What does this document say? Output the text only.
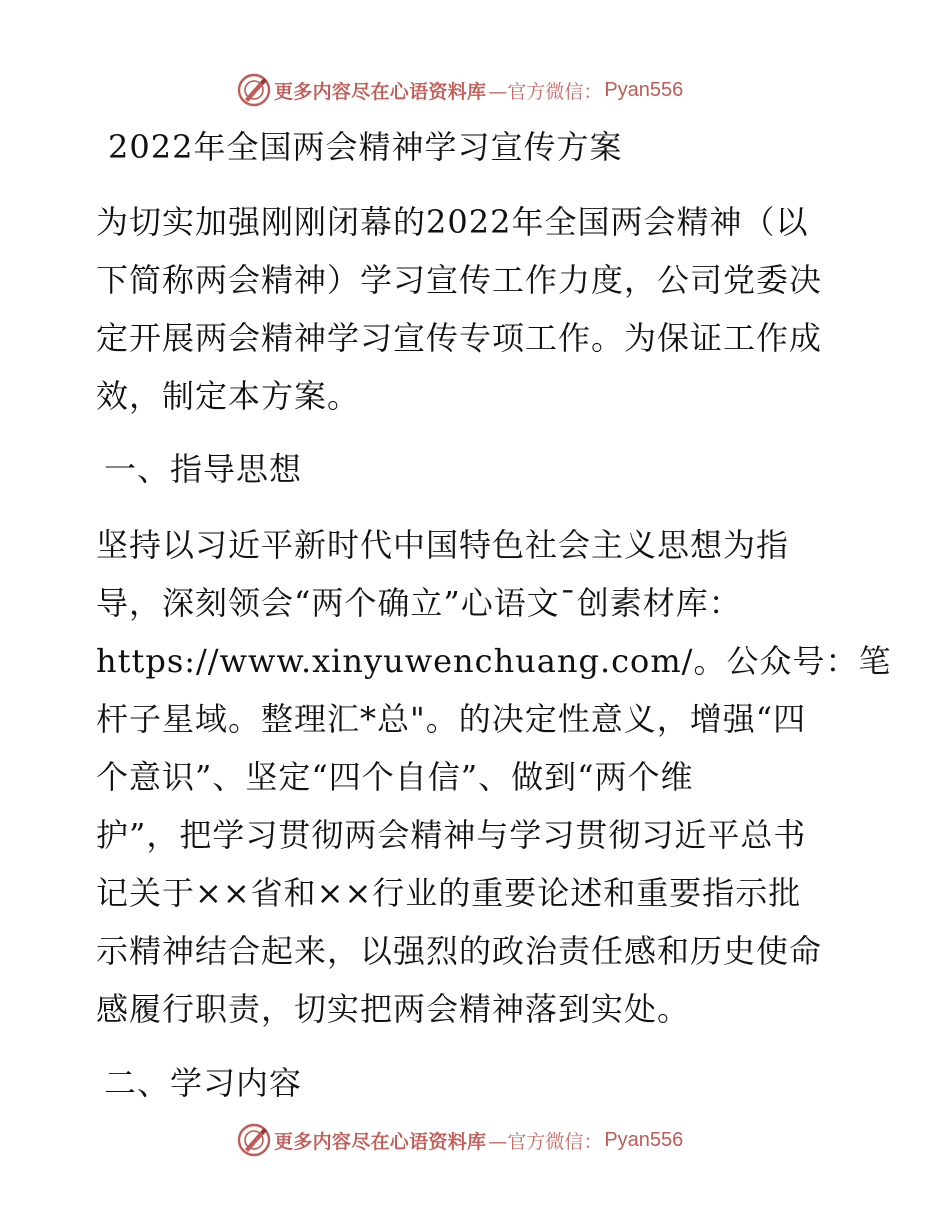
更多内容尽在心语资料库 —官方微信： Pyan556
2022年全国两会精神学习宣传方案
为切实加强刚刚闭幕的2022年全国两会精神（以
下简称两会精神）学习宣传工作力度，公司党委决
定开展两会精神学习宣传专项工作。为保证工作成
效，制定本方案。
一、指导思想
坚持以习近平新时代中国特色社会主义思想为指
导，深刻领会“两个确立”心语文¯创素材库：
https://www.xinyuwenchuang.com/。公众号：笔
杆子星域。整理汇*总"。的决定性意义，增强“四
个意识”、坚定“四个自信”、做到“两个维
护”，把学习贯彻两会精神与学习贯彻习近平总书
记关于××省和××行业的重要论述和重要指示批
示精神结合起来，以强烈的政治责任感和历史使命
感履行职责，切实把两会精神落到实处。
二、学习内容
更多内容尽在心语资料库 —官方微信： Pyan556
